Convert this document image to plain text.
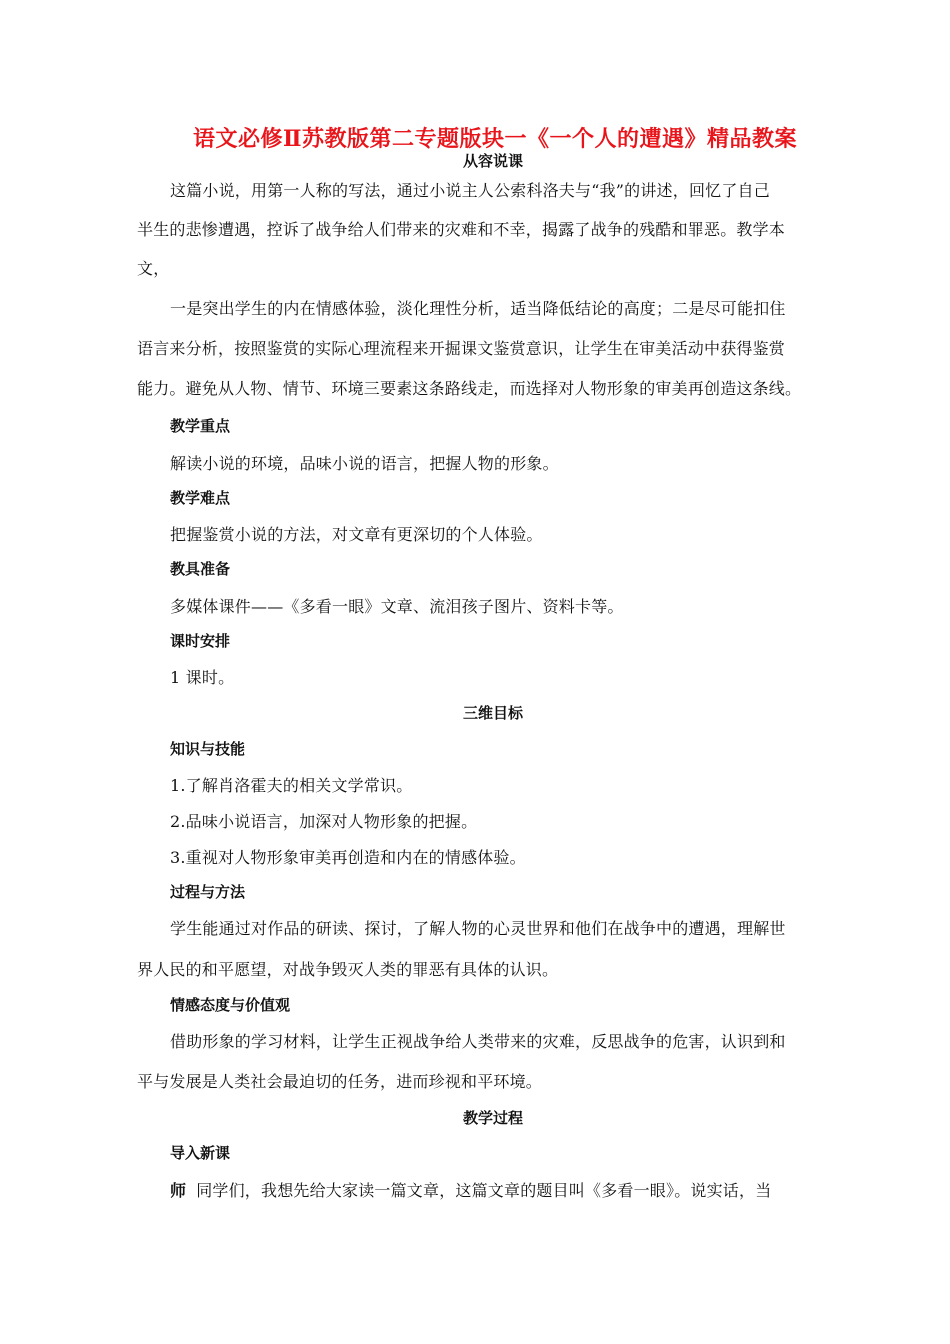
语文必修Ⅱ苏教版第二专题版块一《一个人的遭遇》精品教案
从容说课
这篇小说，用第一人称的写法，通过小说主人公索科洛夫与“我”的讲述，回忆了自己
半生的悲惨遭遇，控诉了战争给人们带来的灾难和不幸，揭露了战争的残酷和罪恶。教学本
文，
一是突出学生的内在情感体验，淡化理性分析，适当降低结论的高度；二是尽可能扣住
语言来分析，按照鉴赏的实际心理流程来开掘课文鉴赏意识，让学生在审美活动中获得鉴赏
能力。避免从人物、情节、环境三要素这条路线走，而选择对人物形象的审美再创造这条线。
教学重点
解读小说的环境，品味小说的语言，把握人物的形象。
教学难点
把握鉴赏小说的方法，对文章有更深切的个人体验。
教具准备
多媒体课件——《多看一眼》文章、流泪孩子图片、资料卡等。
课时安排
1 课时。
三维目标
知识与技能
1.了解肖洛霍夫的相关文学常识。
2.品味小说语言，加深对人物形象的把握。
3.重视对人物形象审美再创造和内在的情感体验。
过程与方法
学生能通过对作品的研读、探讨，了解人物的心灵世界和他们在战争中的遭遇，理解世
界人民的和平愿望，对战争毁灭人类的罪恶有具体的认识。
情感态度与价值观
借助形象的学习材料，让学生正视战争给人类带来的灾难，反思战争的危害，认识到和
平与发展是人类社会最迫切的任务，进而珍视和平环境。
教学过程
导入新课
师 同学们，我想先给大家读一篇文章，这篇文章的题目叫《多看一眼》。说实话，当
